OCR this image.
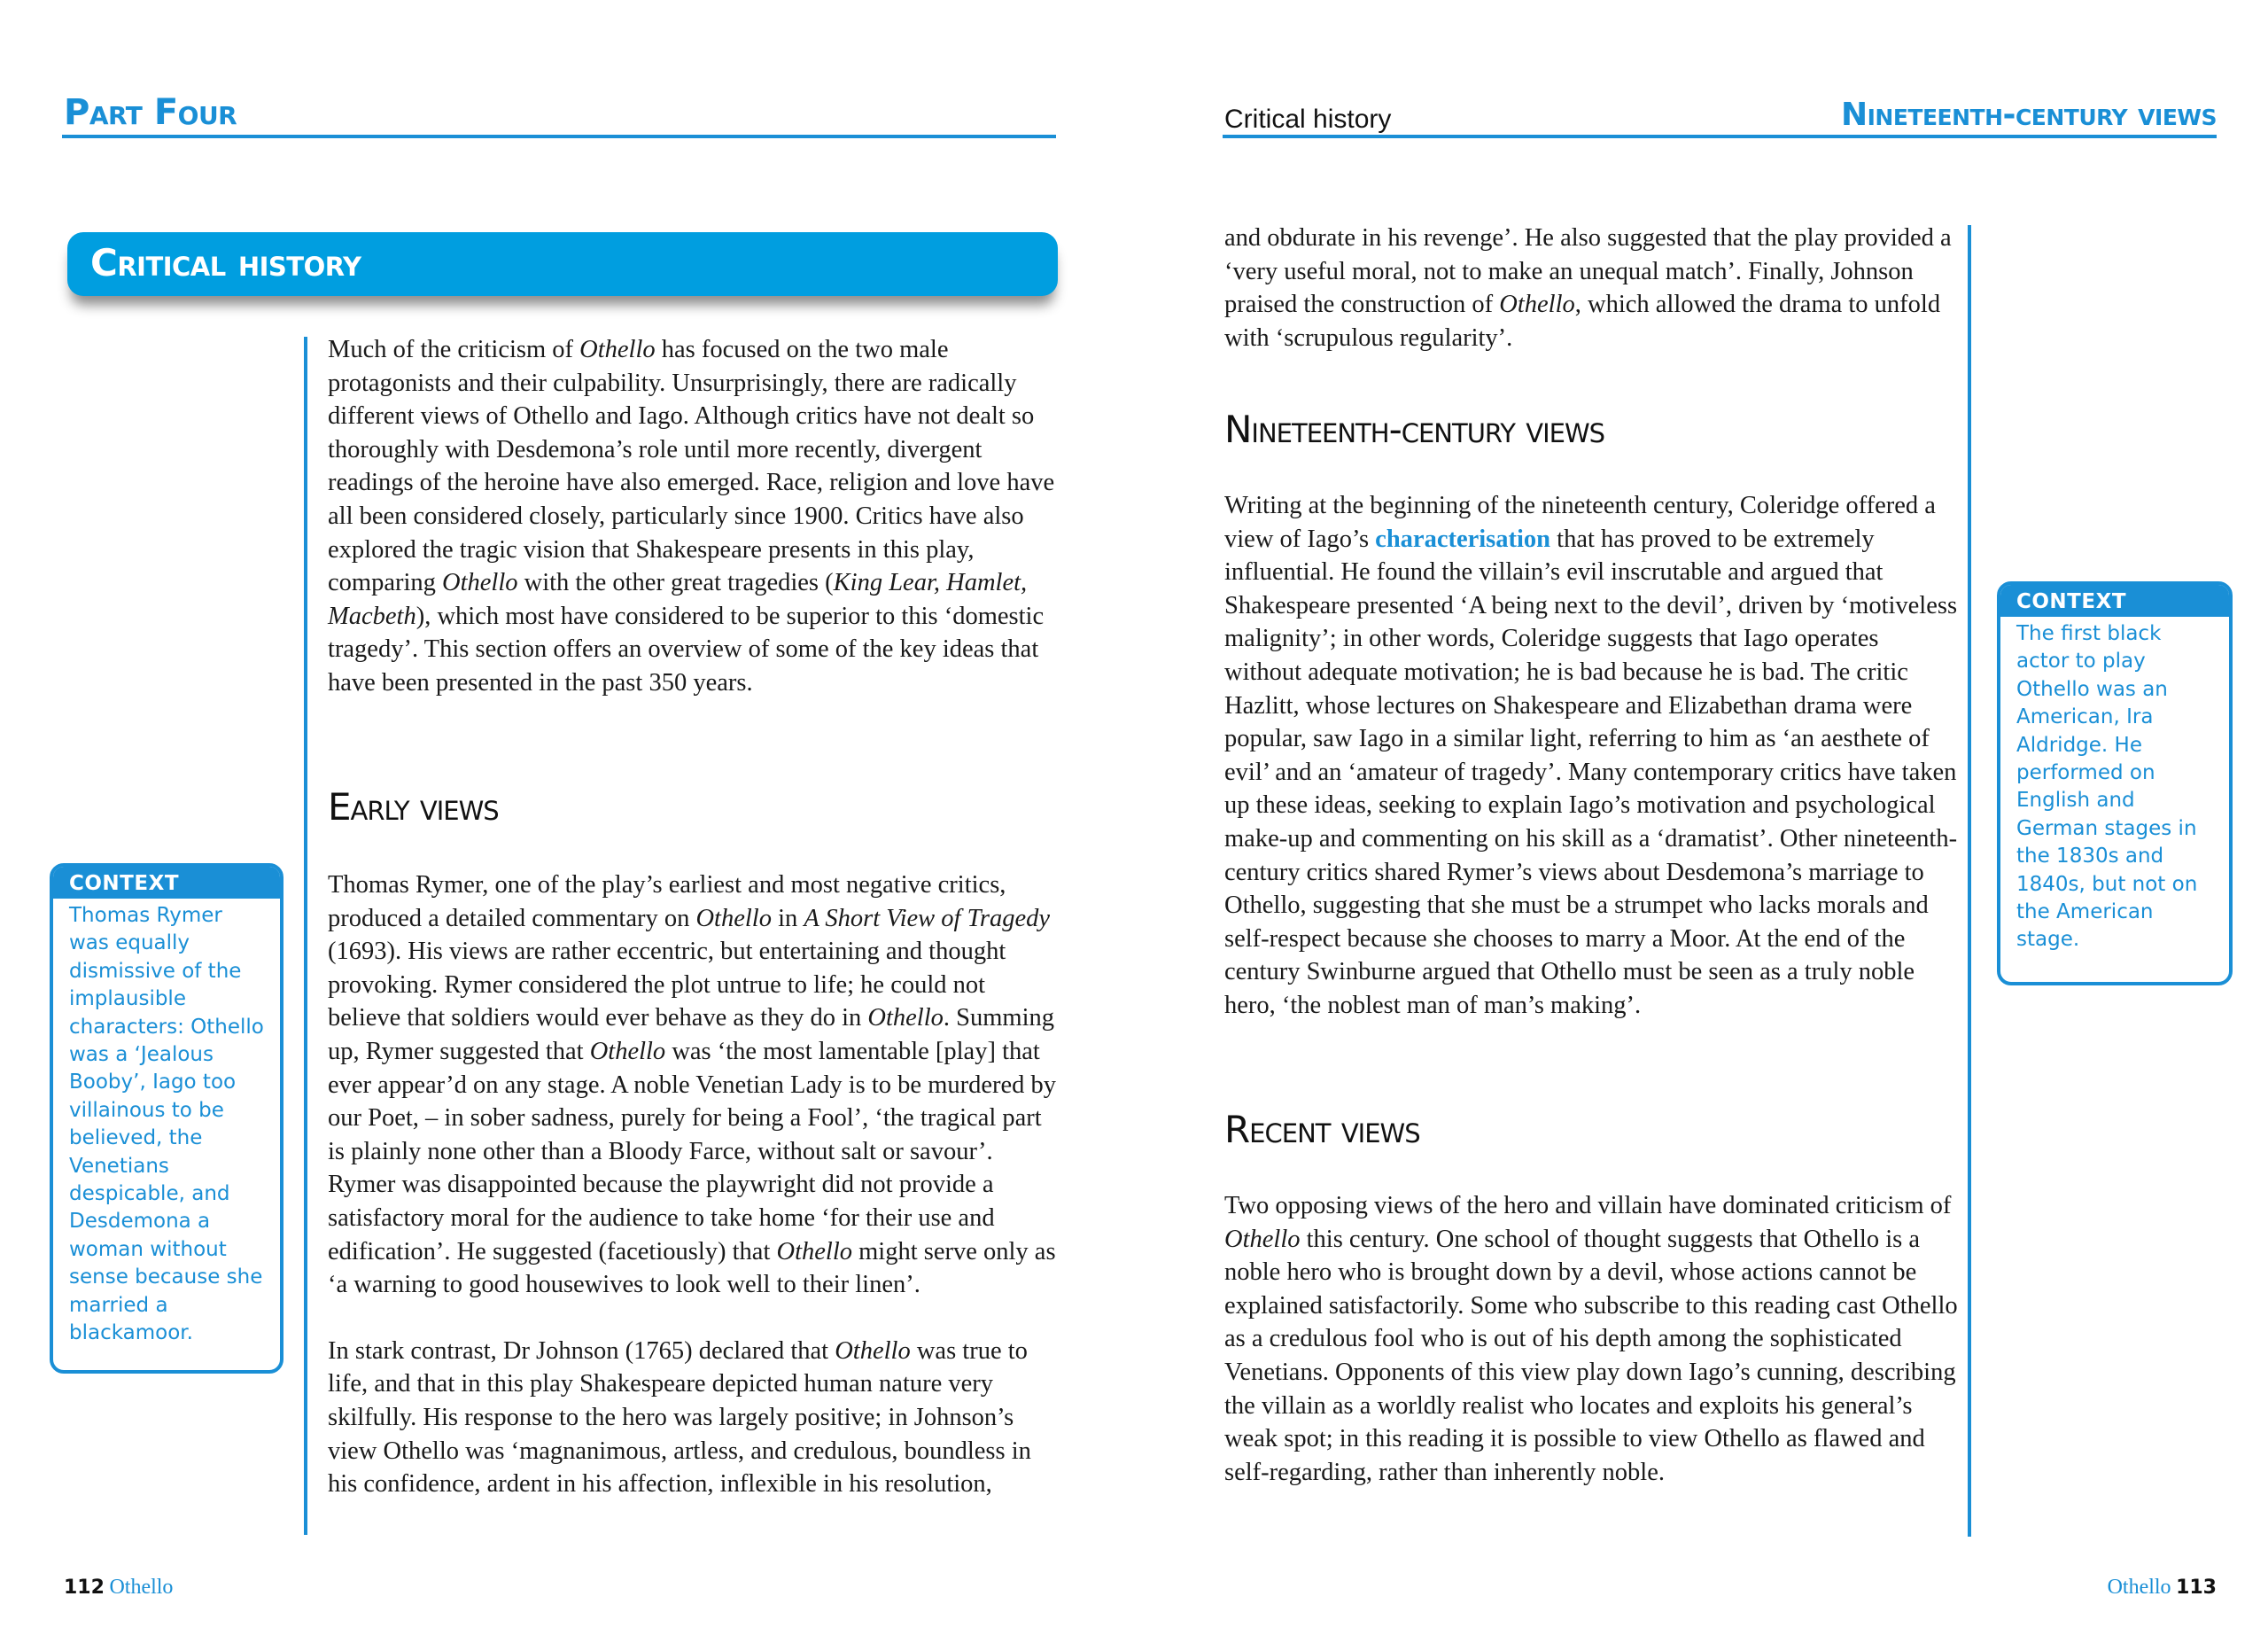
Part Four
Critical history

Much of the criticism of Othello has focused on the two male protagonists and their culpability. Unsurprisingly, there are radically different views of Othello and Iago. Although critics have not dealt so thoroughly with Desdemona’s role until more recently, divergent readings of the heroine have also emerged. Race, religion and love have all been considered closely, particularly since 1900. Critics have also explored the tragic vision that Shakespeare presents in this play, comparing Othello with the other great tragedies (King Lear, Hamlet, Macbeth), which most have considered to be superior to this ‘domestic tragedy’. This section offers an overview of some of the key ideas that have been presented in the past 350 years.

Early views

Thomas Rymer, one of the play’s earliest and most negative critics, produced a detailed commentary on Othello in A Short View of Tragedy (1693). His views are rather eccentric, but entertaining and thought provoking. Rymer considered the plot untrue to life; he could not believe that soldiers would ever behave as they do in Othello. Summing up, Rymer suggested that Othello was ‘the most lamentable [play] that ever appear’d on any stage. A noble Venetian Lady is to be murdered by our Poet, – in sober sadness, purely for being a Fool’, ‘the tragical part is plainly none other than a Bloody Farce, without salt or savour’. Rymer was disappointed because the playwright did not provide a satisfactory moral for the audience to take home ‘for their use and edification’. He suggested (facetiously) that Othello might serve only as ‘a warning to good housewives to look well to their linen’.

In stark contrast, Dr Johnson (1765) declared that Othello was true to life, and that in this play Shakespeare depicted human nature very skilfully. His response to the hero was largely positive; in Johnson’s view Othello was ‘magnanimous, artless, and credulous, boundless in his confidence, ardent in his affection, inflexible in his resolution,

CONTEXT
Thomas Rymer was equally dismissive of the implausible characters: Othello was a ‘Jealous Booby’, Iago too villainous to be believed, the Venetians despicable, and Desdemona a woman without sense because she married a blackamoor.
112 Othello
Critical history	Nineteenth-century views

and obdurate in his revenge’. He also suggested that the play provided a ‘very useful moral, not to make an unequal match’. Finally, Johnson praised the construction of Othello, which allowed the drama to unfold with ‘scrupulous regularity’.

Nineteenth-century views

Writing at the beginning of the nineteenth century, Coleridge offered a view of Iago’s characterisation that has proved to be extremely influential. He found the villain’s evil inscrutable and argued that Shakespeare presented ‘A being next to the devil’, driven by ‘motiveless malignity’; in other words, Coleridge suggests that Iago operates without adequate motivation; he is bad because he is bad. The critic Hazlitt, whose lectures on Shakespeare and Elizabethan drama were popular, saw Iago in a similar light, referring to him as ‘an aesthete of evil’ and an ‘amateur of tragedy’. Many contemporary critics have taken up these ideas, seeking to explain Iago’s motivation and psychological make-up and commenting on his skill as a ‘dramatist’. Other nineteenth-century critics shared Rymer’s views about Desdemona’s marriage to Othello, suggesting that she must be a strumpet who lacks morals and self-respect because she chooses to marry a Moor. At the end of the century Swinburne argued that Othello must be seen as a truly noble hero, ‘the noblest man of man’s making’.

Recent views

Two opposing views of the hero and villain have dominated criticism of Othello this century. One school of thought suggests that Othello is a noble hero who is brought down by a devil, whose actions cannot be explained satisfactorily. Some who subscribe to this reading cast Othello as a credulous fool who is out of his depth among the sophisticated Venetians. Opponents of this view play down Iago’s cunning, describing the villain as a worldly realist who locates and exploits his general’s weak spot; in this reading it is possible to view Othello as flawed and self-regarding, rather than inherently noble.

CONTEXT
The first black actor to play Othello was an American, Ira Aldridge. He performed on English and German stages in the 1830s and 1840s, but not on the American stage.
Othello 113
